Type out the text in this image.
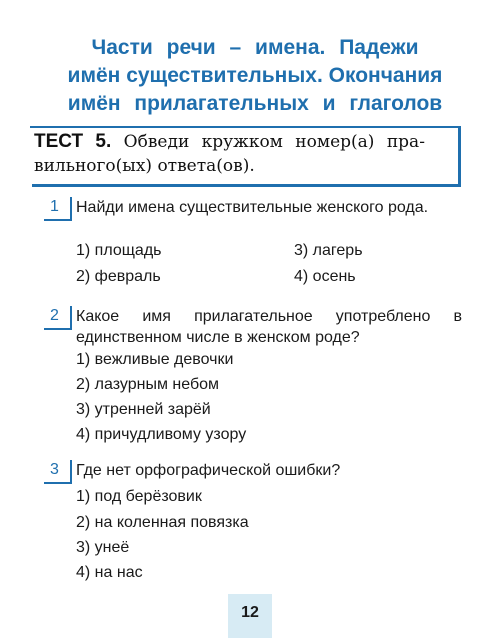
Части речи – имена. Падежи
имён существительных. Окончания
имён прилагательных и глаголов
ТЕСТ 5. Обведи кружком номер(а) пра-
вильного(ых) ответа(ов).
1 Найди имена существительные женского рода.
1) площадь
2) февраль
3) лагерь
4) осень
2 Какое имя прилагательное употреблено в единственном числе в женском роде?
1) вежливые девочки
2) лазурным небом
3) утренней зарёй
4) причудливому узору
3 Где нет орфографической ошибки?
1) под берёзовик
2) на коленная повязка
3) унеё
4) на нас
12
